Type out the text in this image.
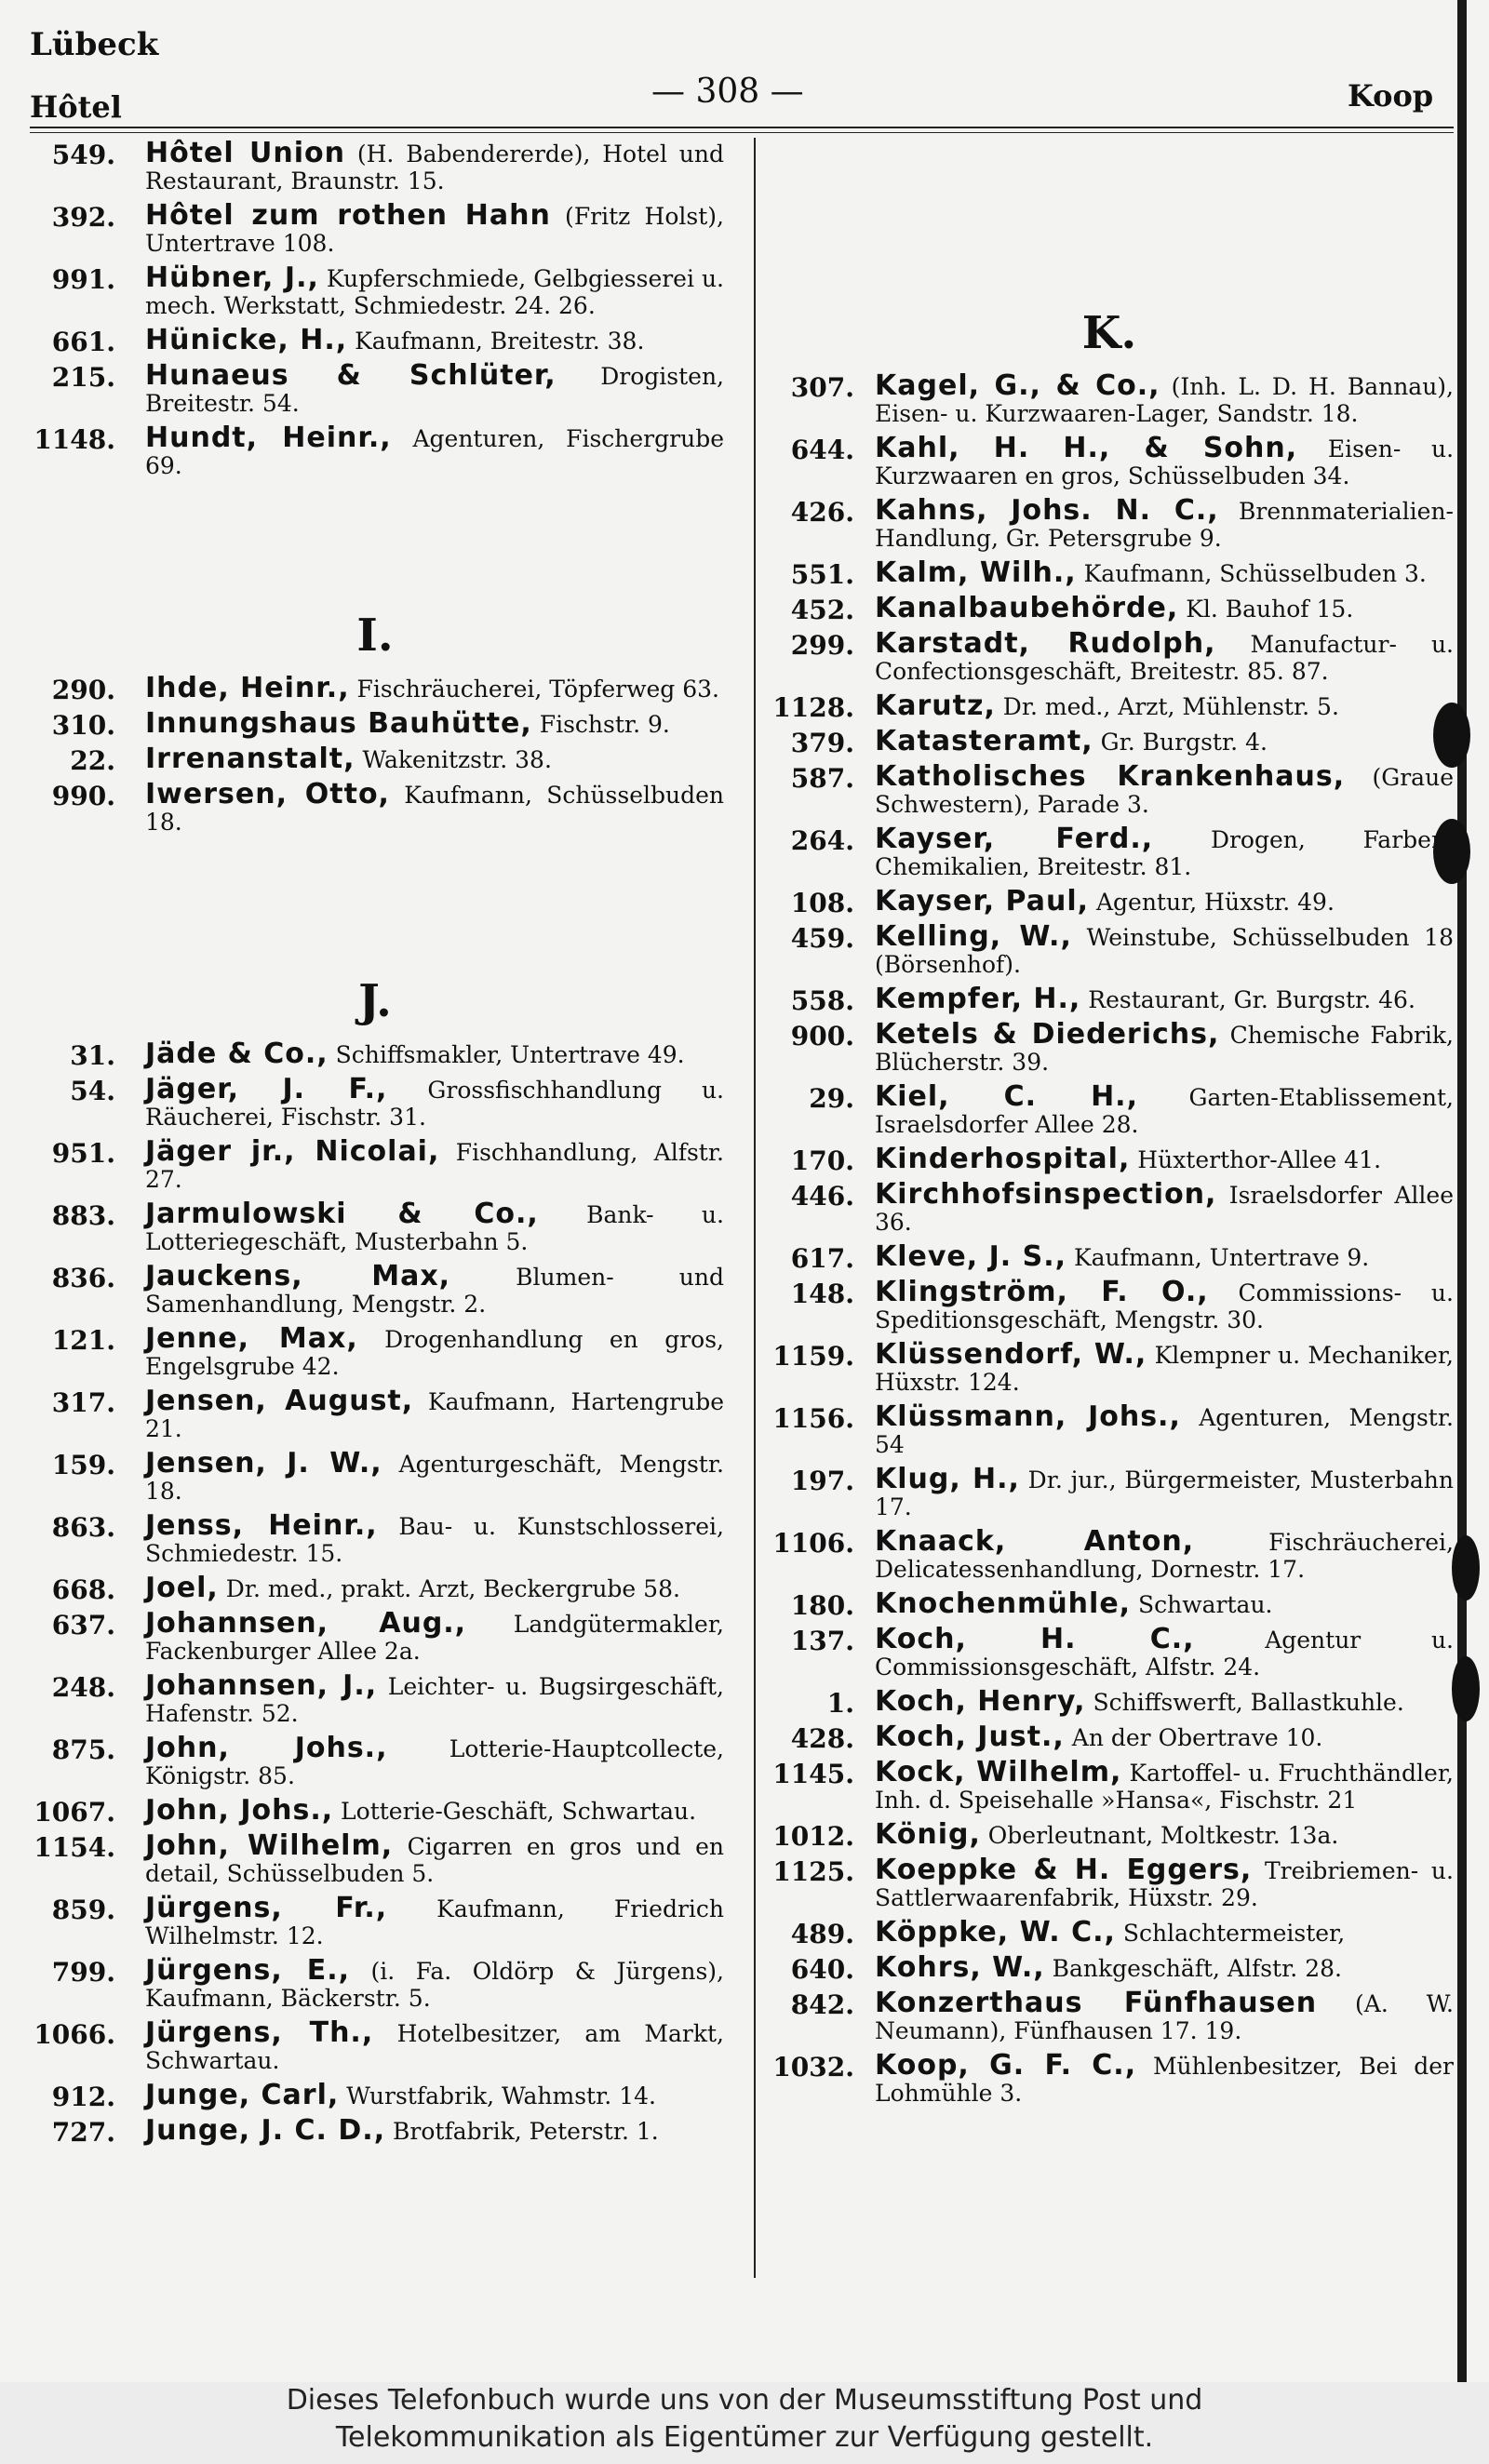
Lübeck
Hôtel	— 308 —	Koop
549. Hôtel Union (H. Babendererde), Hotel und Restaurant, Braunstr. 15.
392. Hôtel zum rothen Hahn (Fritz Holst), Untertrave 108.
991. Hübner, J., Kupferschmiede, Gelbgiesserei u. mech. Werkstatt, Schmiedestr. 24. 26.
661. Hünicke, H., Kaufmann, Breitestr. 38.
215. Hunaeus & Schlüter, Drogisten, Breitestr. 54.
1148. Hundt, Heinr., Agenturen, Fischergrube 69.
I.
290. Ihde, Heinr., Fischräucherei, Töpferweg 63.
310. Innungshaus Bauhütte, Fischstr. 9.
22. Irrenanstalt, Wakenitzstr. 38.
990. Iwersen, Otto, Kaufmann, Schüsselbuden 18.
J.
31. Jäde & Co., Schiffsmakler, Untertrave 49.
54. Jäger, J. F., Grossfischhandlung u. Räucherei, Fischstr. 31.
951. Jäger jr., Nicolai, Fischhandlung, Alfstr. 27.
883. Jarmulowski & Co., Bank- u. Lotteriegeschäft, Musterbahn 5.
836. Jauckens, Max, Blumen- und Samenhandlung, Mengstr. 2.
121. Jenne, Max, Drogenhandlung en gros, Engelsgrube 42.
317. Jensen, August, Kaufmann, Hartengrube 21.
159. Jensen, J. W., Agenturgeschäft, Mengstr. 18.
863. Jenss, Heinr., Bau- u. Kunstschlosserei, Schmiedestr. 15.
668. Joel, Dr. med., prakt. Arzt, Beckergrube 58.
637. Johannsen, Aug., Landgütermakler, Fackenburger Allee 2a.
248. Johannsen, J., Leichter- u. Bugsirgeschäft, Hafenstr. 52.
875. John, Johs., Lotterie-Hauptcollecte, Königstr. 85.
1067. John, Johs., Lotterie-Geschäft, Schwartau.
1154. John, Wilhelm, Cigarren en gros und en detail, Schüsselbuden 5.
859. Jürgens, Fr., Kaufmann, Friedrich Wilhelmstr. 12.
799. Jürgens, E., (i. Fa. Oldörp & Jürgens), Kaufmann, Bäckerstr. 5.
1066. Jürgens, Th., Hotelbesitzer, am Markt, Schwartau.
912. Junge, Carl, Wurstfabrik, Wahmstr. 14.
727. Junge, J. C. D., Brotfabrik, Peterstr. 1.
K.
307. Kagel, G., & Co., (Inh. L. D. H. Bannau), Eisen- u. Kurzwaaren-Lager, Sandstr. 18.
644. Kahl, H. H., & Sohn, Eisen- u. Kurzwaaren en gros, Schüsselbuden 34.
426. Kahns, Johs. N. C., Brennmaterialien-Handlung, Gr. Petersgrube 9.
551. Kalm, Wilh., Kaufmann, Schüsselbuden 3.
452. Kanalbaubehörde, Kl. Bauhof 15.
299. Karstadt, Rudolph, Manufactur- u. Confectionsgeschäft, Breitestr. 85. 87.
1128. Karutz, Dr. med., Arzt, Mühlenstr. 5.
379. Katasteramt, Gr. Burgstr. 4.
587. Katholisches Krankenhaus, (Graue Schwestern), Parade 3.
264. Kayser, Ferd., Drogen, Farben, Chemikalien, Breitestr. 81.
108. Kayser, Paul, Agentur, Hüxstr. 49.
459. Kelling, W., Weinstube, Schüsselbuden 18 (Börsenhof).
558. Kempfer, H., Restaurant, Gr. Burgstr. 46.
900. Ketels & Diederichs, Chemische Fabrik, Blücherstr. 39.
29. Kiel, C. H., Garten-Etablissement, Israelsdorfer Allee 28.
170. Kinderhospital, Hüxterthor-Allee 41.
446. Kirchhofsinspection, Israelsdorfer Allee 36.
617. Kleve, J. S., Kaufmann, Untertrave 9.
148. Klingström, F. O., Commissions- u. Speditionsgeschäft, Mengstr. 30.
1159. Klüssendorf, W., Klempner u. Mechaniker, Hüxstr. 124.
1156. Klüssmann, Johs., Agenturen, Mengstr. 54
197. Klug, H., Dr. jur., Bürgermeister, Musterbahn 17.
1106. Knaack, Anton, Fischräucherei, Delicatessenhandlung, Dornestr. 17.
180. Knochenmühle, Schwartau.
137. Koch, H. C., Agentur u. Commissionsgeschäft, Alfstr. 24.
1. Koch, Henry, Schiffswerft, Ballastkuhle.
428. Koch, Just., An der Obertrave 10.
1145. Kock, Wilhelm, Kartoffel- u. Fruchthändler, Inh. d. Speisehalle »Hansa«, Fischstr. 21
1012. König, Oberleutnant, Moltkestr. 13a.
1125. Koeppke & H. Eggers, Treibriemen- u. Sattlerwaarenfabrik, Hüxstr. 29.
489. Köppke, W. C., Schlachtermeister,
640. Kohrs, W., Bankgeschäft, Alfstr. 28.
842. Konzerthaus Fünfhausen (A. W. Neumann), Fünfhausen 17. 19.
1032. Koop, G. F. C., Mühlenbesitzer, Bei der Lohmühle 3.
Dieses Telefonbuch wurde uns von der Museumsstiftung Post und
Telekommunikation als Eigentümer zur Verfügung gestellt.
